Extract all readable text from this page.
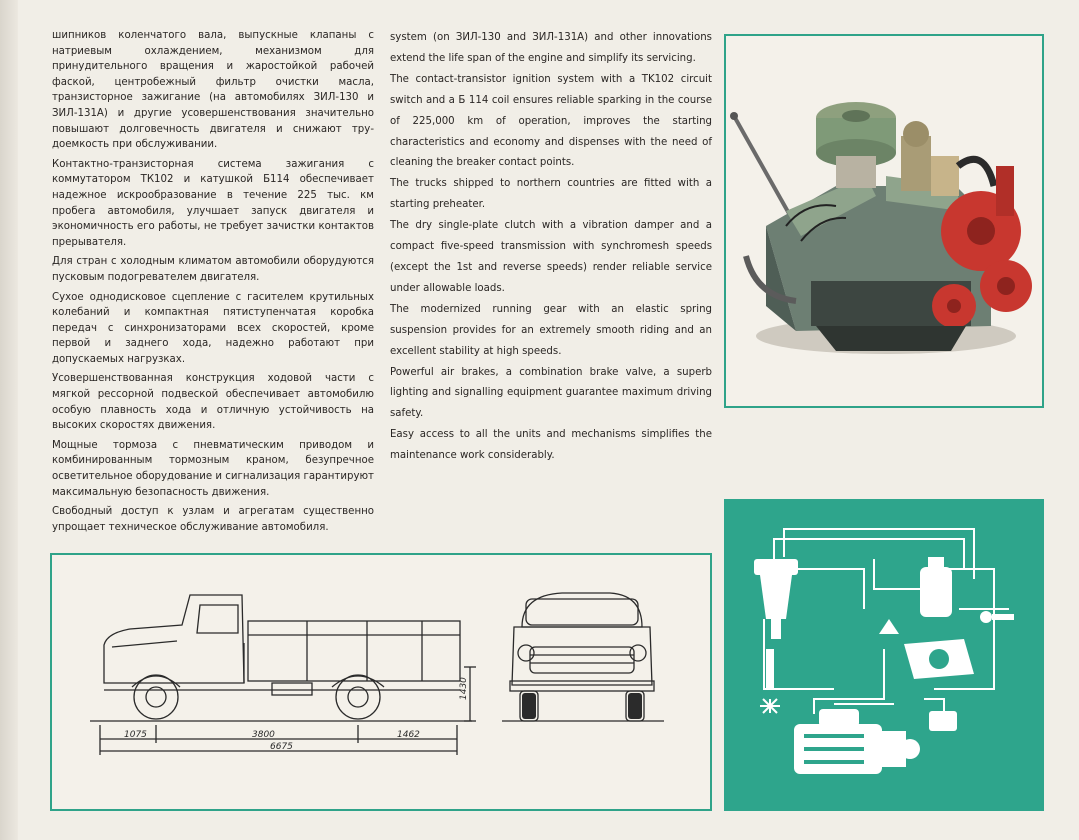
шипников коленчатого вала, выпускные клапаны с натриевым охлаждением, механизмом для принудительного вращения и жаростойкой рабочей фаской, центробежный фильтр очистки масла, транзисторное зажигание (на автомобилях ЗИЛ-130 и ЗИЛ-131А) и другие усовершенствования значительно повышают долговечность двигателя и снижают трудоемкость при обслуживании.

Контактно-транзисторная система зажигания с коммутатором ТК102 и катушкой Б114 обеспечивает надежное искрообразование в течение 225 тыс. км пробега автомобиля, улучшает запуск двигателя и экономичность его работы, не требует зачистки контактов прерывателя.

Для стран с холодным климатом автомобили оборудуются пусковым подогревателем двигателя.

Сухое однодисковое сцепление с гасителем крутильных колебаний и компактная пятиступенчатая коробка передач с синхронизаторами всех скоростей, кроме первой и заднего хода, надежно работают при допускаемых нагрузках.

Усовершенствованная конструкция ходовой части с мягкой рессорной подвеской обеспечивает автомобилю особую плавность хода и отличную устойчивость на высоких скоростях движения.

Мощные тормоза с пневматическим приводом и комбинированным тормозным краном, безупречное осветительное оборудование и сигнализация гарантируют максимальную безопасность движения.

Свободный доступ к узлам и агрегатам существенно упрощает техническое обслуживание автомобиля.

system (on ЗИЛ-130 and ЗИЛ-131А) and other innovations extend the life span of the engine and simplify its servicing.

The contact-transistor ignition system with a TK102 circuit switch and a Б 114 coil ensures reliable sparking in the course of 225,000 km of operation, improves the starting characteristics and economy and dispenses with the need of cleaning the breaker contact points.

The trucks shipped to northern countries are fitted with a starting preheater.

The dry single-plate clutch with a vibration damper and a compact five-speed transmission with synchromesh speeds (except the 1st and reverse speeds) render reliable service under allowable loads.

The modernized running gear with an elastic spring suspension provides for an extremely smooth riding and an excellent stability at high speeds.

Powerful air brakes, a combination brake valve, a superb lighting and signalling equipment guarantee maximum driving safety.

Easy access to all the units and mechanisms simplifies the maintenance work considerably.

1075	3800	1462
6675
1430
